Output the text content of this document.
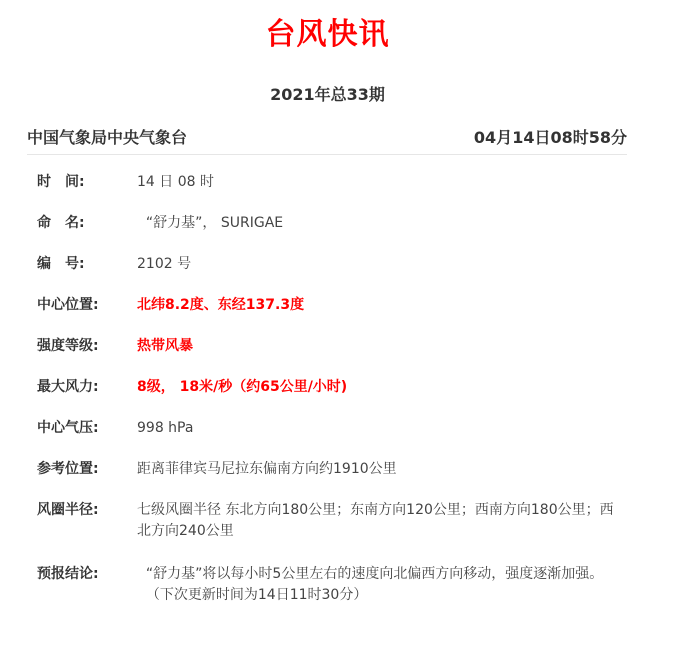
台风快讯
2021年总33期
中国气象局中央气象台	04月14日08时58分
时　间:	14 日 08 时
命　名:	“舒力基”， SURIGAE
编　号:	2102 号
中心位置:	北纬8.2度、东经137.3度
强度等级:	热带风暴
最大风力:	8级， 18米/秒（约65公里/小时)
中心气压:	998 hPa
参考位置:	距离菲律宾马尼拉东偏南方向约1910公里
风圈半径:	七级风圈半径 东北方向180公里；东南方向120公里；西南方向180公里；西北方向240公里
预报结论:	“舒力基”将以每小时5公里左右的速度向北偏西方向移动，强度逐渐加强。
（下次更新时间为14日11时30分）
